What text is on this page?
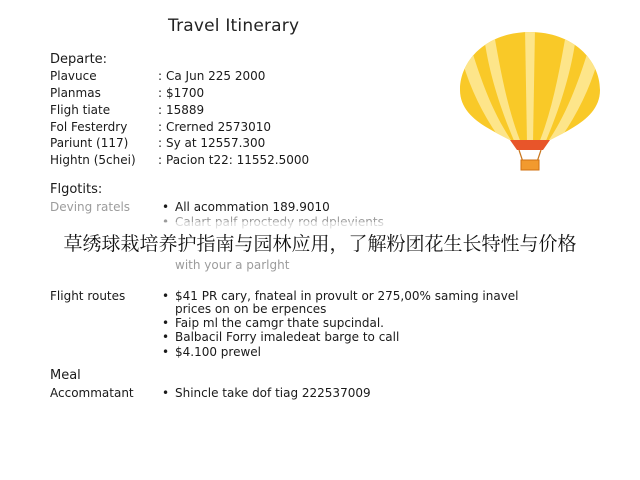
Travel Itinerary
Departe:
Plavuce	: Ca Jun 225 2000
Planmas	: $1700
Fligh tiate	: 15889
Fol Festerdry	: Crerned 2573010
Pariunt (117)	: Sy at 12557.300
Hightn (5chei)	: Pacion t22: 11552.5000
Flgotits:
Deving ratels	• All acommation 189.9010
草绣球栽培养护指南与园林应用，了解粉团花生长特性与价格
with your a parlght
Flight routes	• $41 PR cary, fnateal in provult or 275,00% saming inavel
prices on on be erpences
• Faip ml the camgr thate supcindal.
• Balbacil Forry imaledeat barge to call
• $4.100 prewel
Meal
Accommatant	• Shincle take dof tiag 222537009
